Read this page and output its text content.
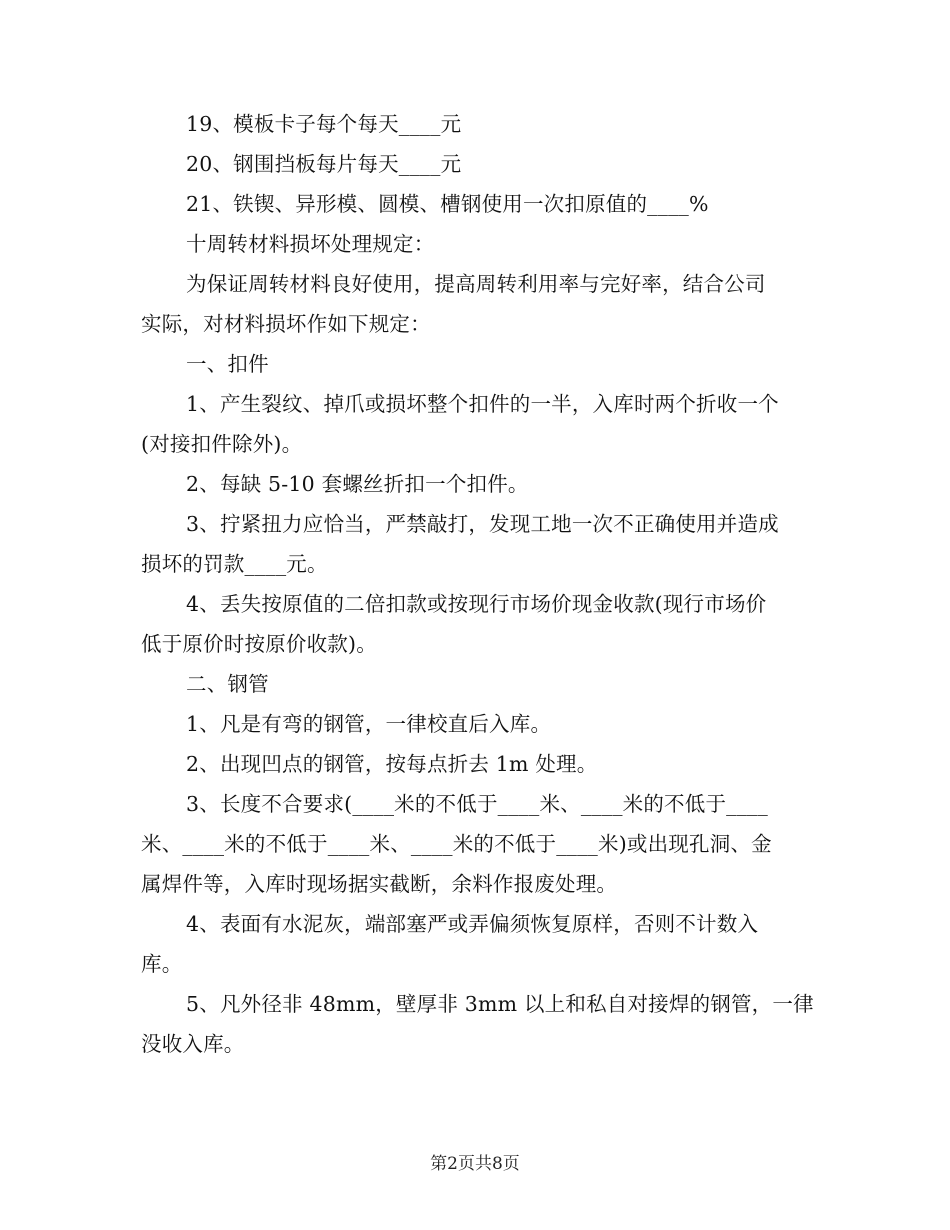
19、模板卡子每个每天____元
20、钢围挡板每片每天____元
21、铁锲、异形模、圆模、槽钢使用一次扣原值的____%
十周转材料损坏处理规定：
为保证周转材料良好使用，提高周转利用率与完好率，结合公司
实际，对材料损坏作如下规定：
一、扣件
1、产生裂纹、掉爪或损坏整个扣件的一半，入库时两个折收一个
(对接扣件除外)。
2、每缺 5-10 套螺丝折扣一个扣件。
3、拧紧扭力应恰当，严禁敲打，发现工地一次不正确使用并造成
损坏的罚款____元。
4、丢失按原值的二倍扣款或按现行市场价现金收款(现行市场价
低于原价时按原价收款)。
二、钢管
1、凡是有弯的钢管，一律校直后入库。
2、出现凹点的钢管，按每点折去 1m 处理。
3、长度不合要求(____米的不低于____米、____米的不低于____
米、____米的不低于____米、____米的不低于____米)或出现孔洞、金
属焊件等，入库时现场据实截断，余料作报废处理。
4、表面有水泥灰，端部塞严或弄偏须恢复原样，否则不计数入
库。
5、凡外径非 48mm，壁厚非 3mm 以上和私自对接焊的钢管，一律
没收入库。
第2页共8页
